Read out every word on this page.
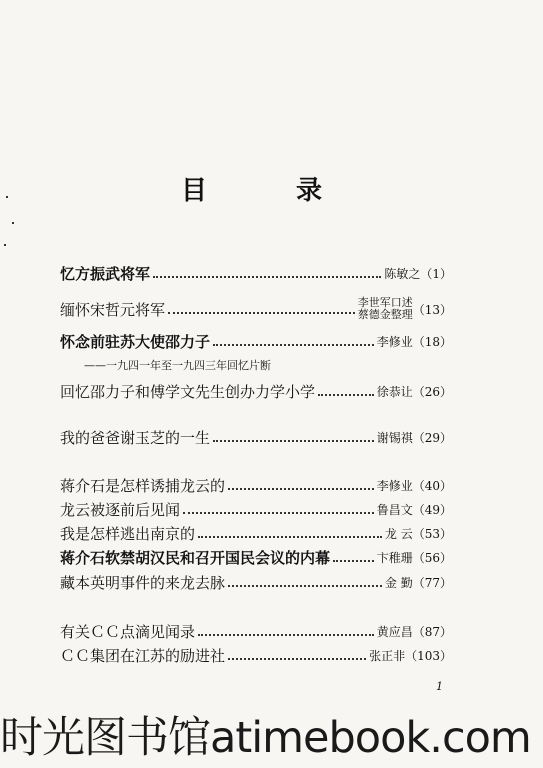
目 录
忆方振武将军	陈敏之 （1）
缅怀宋哲元将军	李世军口述
蔡德金整理 （13）
怀念前驻苏大使邵力子	李修业 （18）
——一九四一年至一九四三年回忆片断
回忆邵力子和傅学文先生创办力学小学	徐恭让 （26）
我的爸爸谢玉芝的一生	谢锡祺 （29）
蒋介石是怎样诱捕龙云的	李修业 （40）
龙云被逐前后见闻	鲁昌文 （49）
我是怎样逃出南京的	龙 云 （53）
蒋介石软禁胡汉民和召开国民会议的内幕	卞稚珊 （56）
藏本英明事件的来龙去脉	金 勤 （77）
有关ＣＣ点滴见闻录	黄应昌 （87）
ＣＣ集团在江苏的励进社	张正非 （103）
1
时光图书馆atimebook.com
